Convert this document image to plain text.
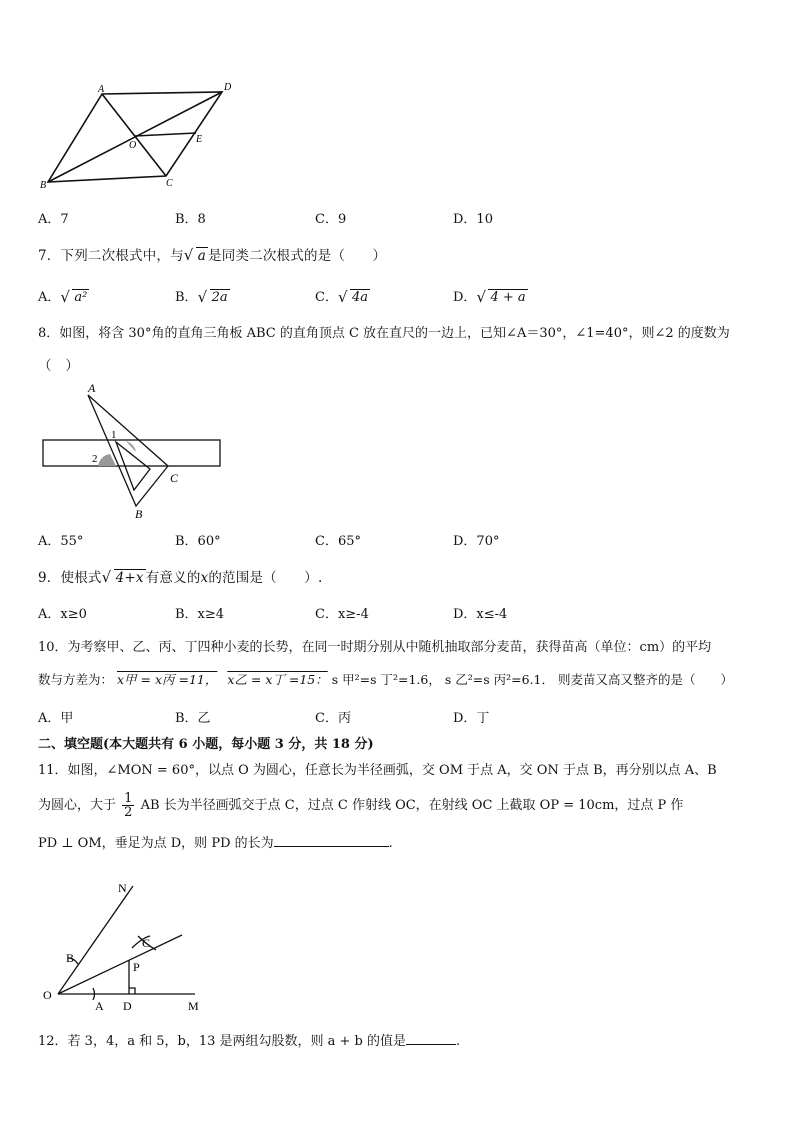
A	D
O
E
B	C
A．7	B．8	C．9	D．10
7．下列二次根式中，与 √ a 是同类二次根式的是（　　）
A． √ a²	B． √ 2a	C． √ 4a	D． √ 4 + a
8．如图，将含 30°角的直角三角板 ABC 的直角顶点 C 放在直尺的一边上，已知∠A＝30°，∠1=40°，则∠2 的度数为
（　）
A
1
2
C
B
A．55°	B．60°	C．65°	D．70°
9．使根式 √ 4+x 有意义的x的范围是（　　）.
A．x≥0	B．x≥4	C．x≥-4	D．x≤-4
10．为考察甲、乙、丙、丁四种小麦的长势，在同一时期分别从中随机抽取部分麦苗，获得苗高（单位：cm）的平均
数与方差为： x甲 = x丙 =11， x乙 = x丁 =15： s 甲²=s 丁²=1.6， s 乙²=s 丙²=6.1． 则麦苗又高又整齐的是（　　）
A．甲	B．乙	C．丙	D．丁
二、填空题(本大题共有 6 小题，每小题 3 分，共 18 分)
11．如图，∠MON = 60°，以点 O 为圆心，任意长为半径画弧，交 OM 于点 A，交 ON 于点 B，再分别以点 A、B
为圆心，大于 $\frac{1}{2}$ AB 长为半径画弧交于点 C，过点 C 作射线 OC，在射线 OC 上截取 OP = 10cm，过点 P 作
PD ⊥ OM，垂足为点 D，则 PD 的长为	.
N
B
C
P
O
A D	M
12．若 3，4，a 和 5，b，13 是两组勾股数，则 a + b 的值是	.
